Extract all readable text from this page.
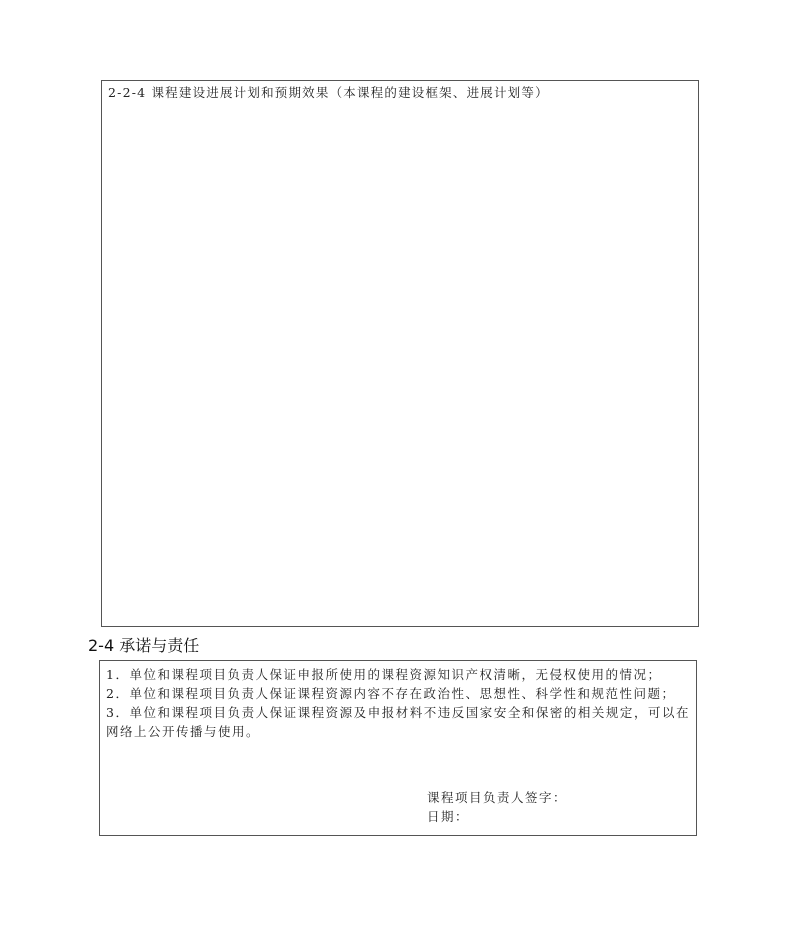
2-2-4 课程建设进展计划和预期效果（本课程的建设框架、进展计划等）
2-4 承诺与责任
1．单位和课程项目负责人保证申报所使用的课程资源知识产权清晰，无侵权使用的情况；
2．单位和课程项目负责人保证课程资源内容不存在政治性、思想性、科学性和规范性问题；
3．单位和课程项目负责人保证课程资源及申报材料不违反国家安全和保密的相关规定，可以在网络上公开传播与使用。
课程项目负责人签字：
日期：
